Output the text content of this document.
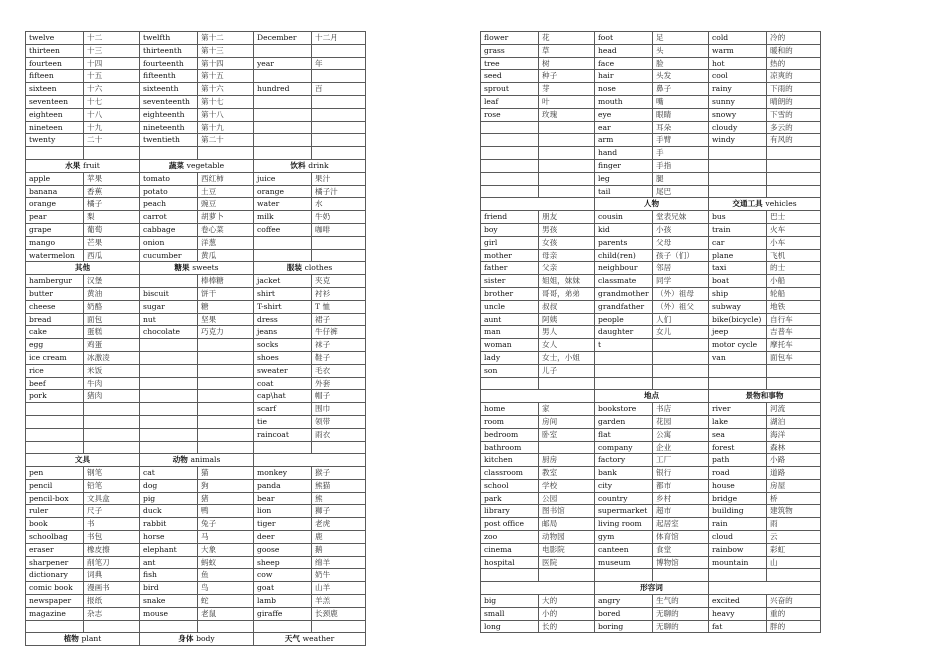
twelve	十二	twelfth	第十二	December	十二月
thirteen	十三	thirteenth	第十三		
fourteen	十四	fourteenth	第十四	year	年
fifteen	十五	fifteenth	第十五		
sixteen	十六	sixteenth	第十六	hundred	百
seventeen	十七	seventeenth	第十七		
eighteen	十八	eighteenth	第十八		
nineteen	十九	nineteenth	第十九		
twenty	二十	twentieth	第二十		

水果 fruit		蔬菜 vegetable		饮料 drink	
apple	苹果	tomato	西红柿	juice	果汁
banana	香蕉	potato	土豆	orange	橘子汁
orange	橘子	peach	豌豆	water	水
pear	梨	carrot	胡萝卜	milk	牛奶
grape	葡萄	cabbage	卷心菜	coffee	咖啡
mango	芒果	onion	洋葱		
watermelon	西瓜	cucumber	黄瓜		
其他		糖果 sweets		服装 clothes	
hambergur	汉堡		棒棒糖	jacket	夹克
butter	黄油	biscuit	饼干	shirt	衬衫
cheese	奶酪	sugar	糖	T-shirt	T 恤
bread	面包	nut	坚果	dress	裙子
cake	蛋糕	chocolate	巧克力	jeans	牛仔裤
egg	鸡蛋			socks	袜子
ice cream	冰激凌			shoes	鞋子
rice	米饭			sweater	毛衣
beef	牛肉			coat	外套
pork	猪肉			cap\hat	帽子
				scarf	围巾
				tie	领带
				raincoat	雨衣

文具		动物 animals			
pen	钢笔	cat	猫	monkey	猴子
pencil	铅笔	dog	狗	panda	熊猫
pencil-box	文具盒	pig	猪	bear	熊
ruler	尺子	duck	鸭	lion	狮子
book	书	rabbit	兔子	tiger	老虎
schoolbag	书包	horse	马	deer	鹿
eraser	橡皮擦	elephant	大象	goose	鹅
sharpener	削笔刀	ant	蚂蚁	sheep	绵羊
dictionary	词典	fish	鱼	cow	奶牛
comic book	漫画书	bird	鸟	goat	山羊
newspaper	报纸	snake	蛇	lamb	羊羔
magazine	杂志	mouse	老鼠	giraffe	长颈鹿

植物 plant		身体 body		天气 weather	
flower	花	foot	足	cold	冷的
grass	草	head	头	warm	暖和的
tree	树	face	脸	hot	热的
seed	种子	hair	头发	cool	凉爽的
sprout	芽	nose	鼻子	rainy	下雨的
leaf	叶	mouth	嘴	sunny	晴朗的
rose	玫瑰	eye	眼睛	snowy	下雪的
		ear	耳朵	cloudy	多云的
		arm	手臂	windy	有风的
		hand	手		
		finger	手指		
		leg	腿		
		tail	尾巴		
		人物		交通工具 vehicles	
friend	朋友	cousin	堂表兄妹	bus	巴士
boy	男孩	kid	小孩	train	火车
girl	女孩	parents	父母	car	小车
mother	母亲	child(ren)	孩子（们）	plane	飞机
father	父亲	neighbour	邻居	taxi	的士
sister	姐姐，妹妹	classmate	同学	boat	小船
brother	哥哥，弟弟	grandmother	（外）祖母	ship	轮船
uncle	叔叔	grandfather	（外）祖父	subway	地铁
aunt	阿姨	people	人们	bike(bicycle)	自行车
man	男人	daughter	女儿	jeep	吉普车
woman	女人	t		motor cycle	摩托车
lady	女士，小姐			van	面包车
son	儿子				

		地点		景物和事物	
home	家	bookstore	书店	river	河流
room	房间	garden	花园	lake	湖泊
bedroom	卧室	flat	公寓	sea	海洋
bathroom		company	企业	forest	森林
kitchen	厨房	factory	工厂	path	小路
classroom	教室	bank	银行	road	道路
school	学校	city	都市	house	房屋
park	公园	country	乡村	bridge	桥
library	图书馆	supermarket	超市	building	建筑物
post office	邮局	living room	起居室	rain	雨
zoo	动物园	gym	体育馆	cloud	云
cinema	电影院	canteen	食堂	rainbow	彩虹
hospital	医院	museum	博物馆	mountain	山

		形容词			
big	大的	angry	生气的	excited	兴奋的
small	小的	bored	无聊的	heavy	重的
long	长的	boring	无聊的	fat	胖的
